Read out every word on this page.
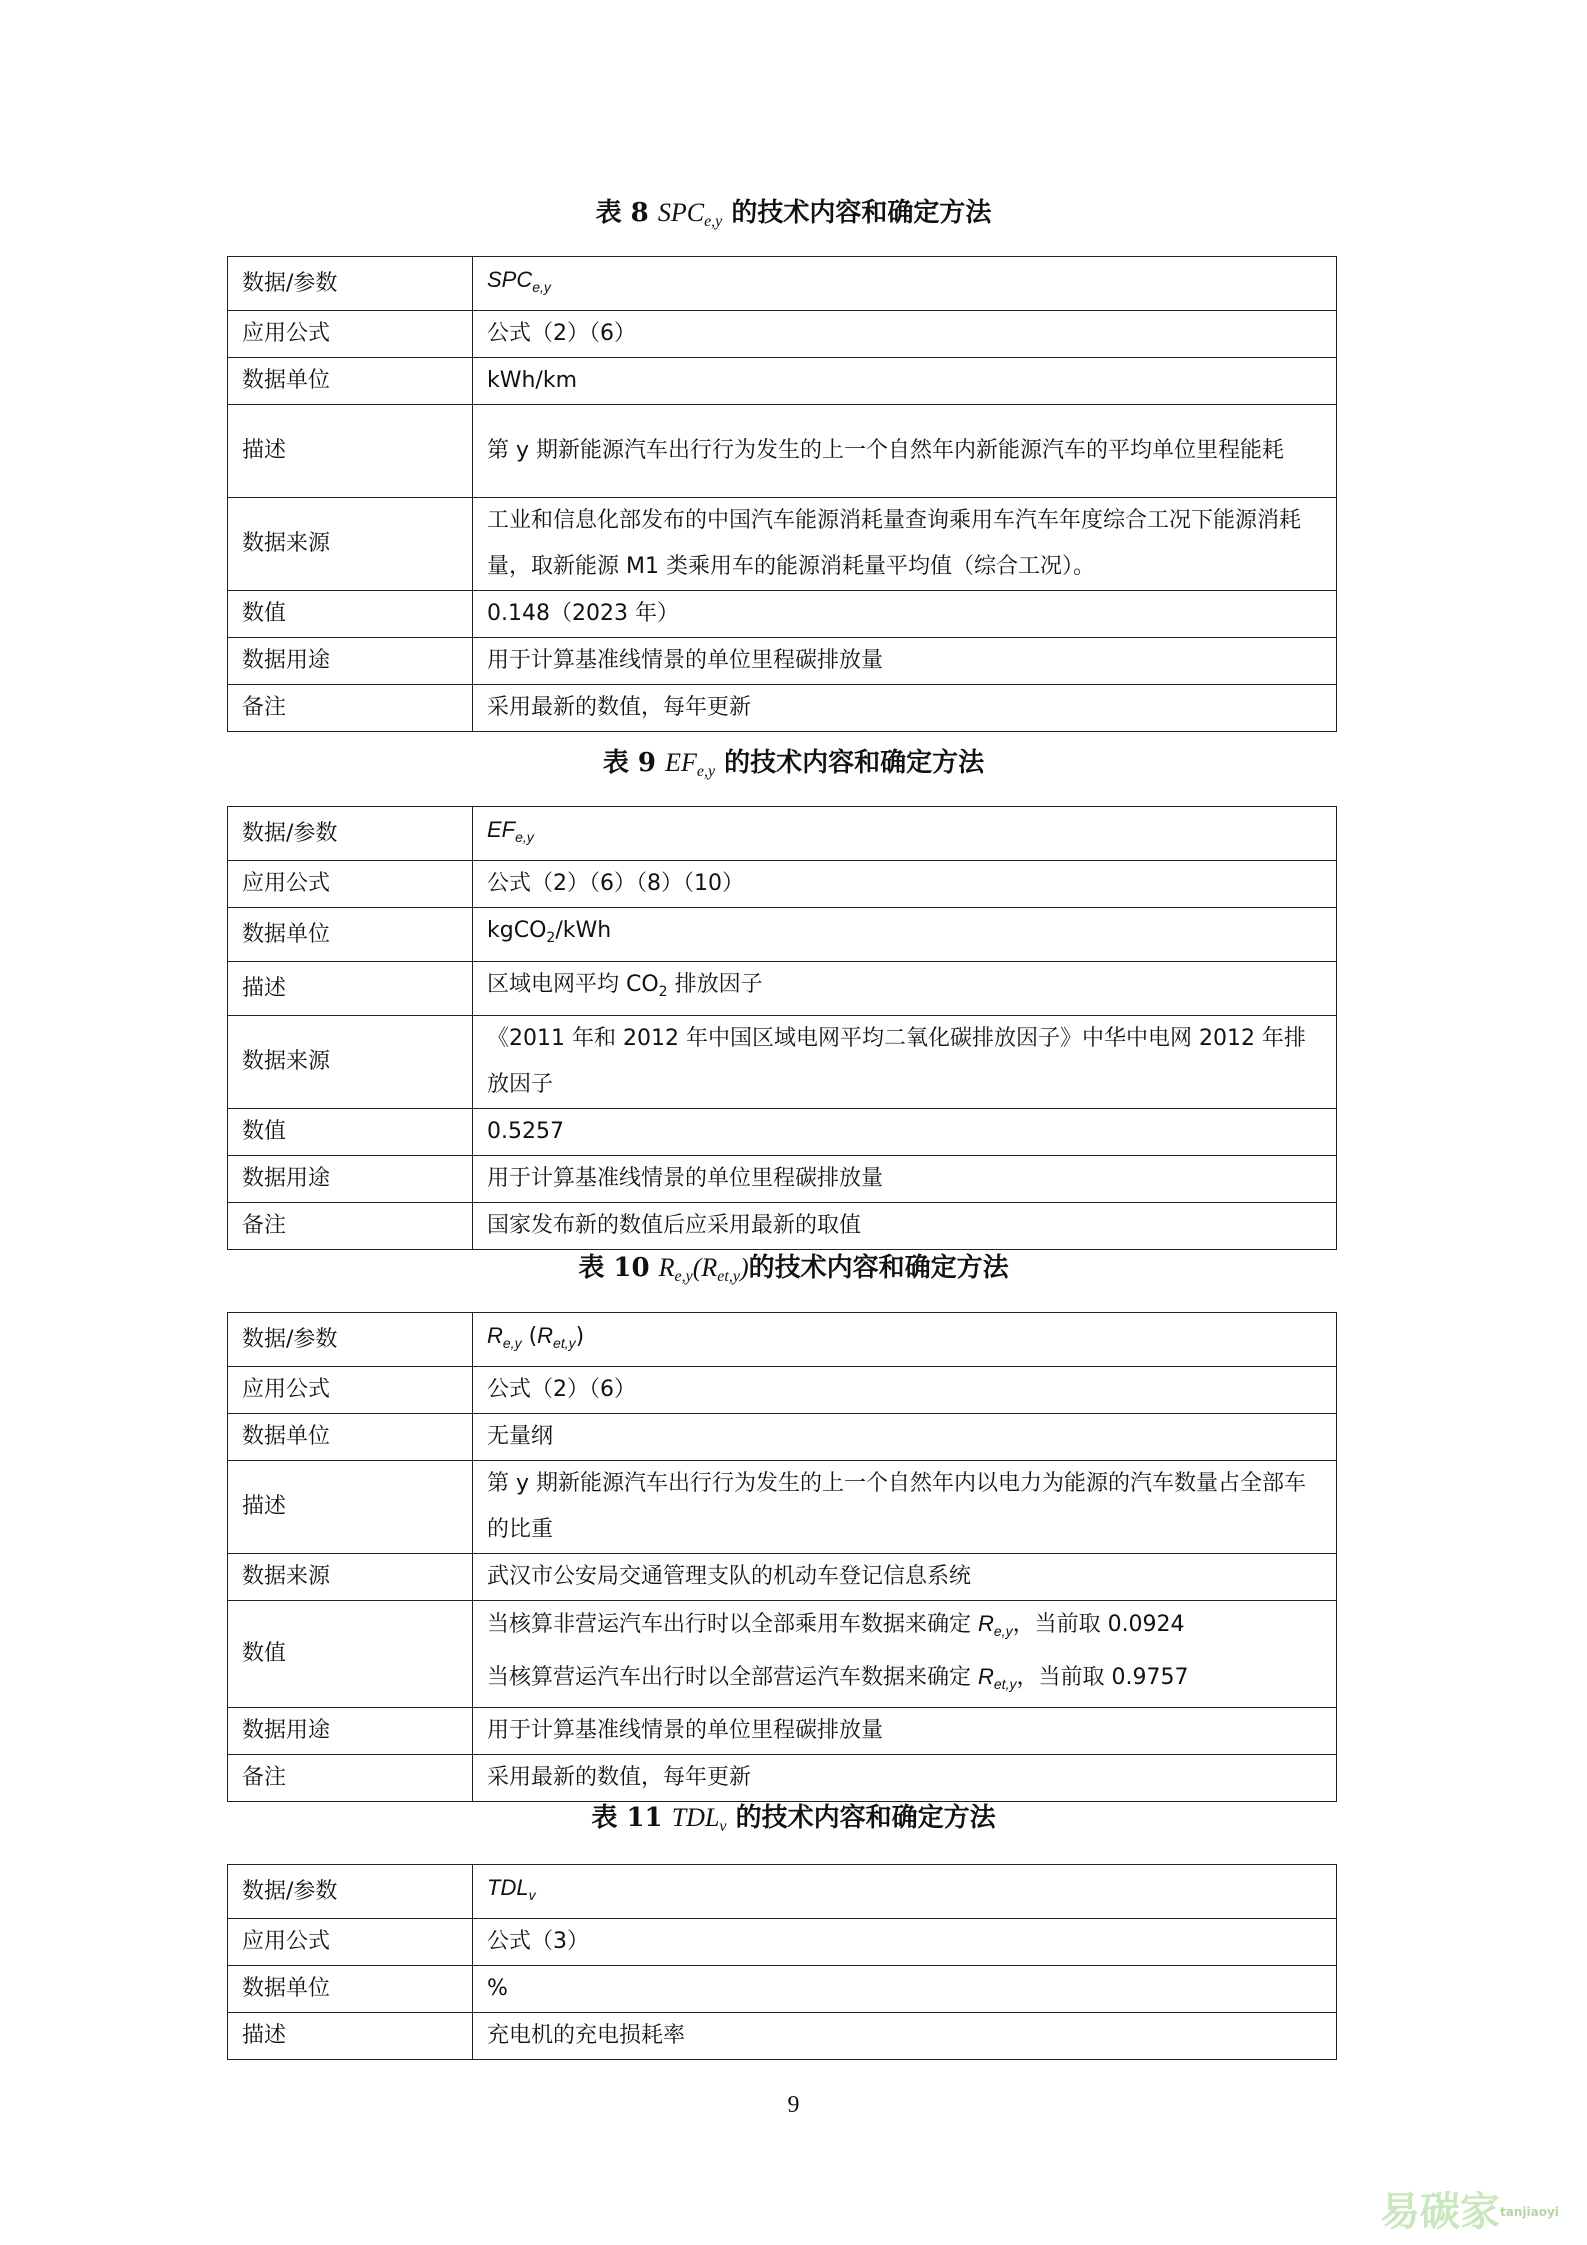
表 8 $SPC_{e,y}$ 的技术内容和确定方法
数据/参数	$SPC_{e,y}$
应用公式	公式（2）（6）
数据单位	kWh/km
描述	第 y 期新能源汽车出行行为发生的上一个自然年内新能源汽车的平均单位里程能耗
数据来源	工业和信息化部发布的中国汽车能源消耗量查询乘用车汽车年度综合工况下能源消耗量，取新能源 M1 类乘用车的能源消耗量平均值（综合工况）。
数值	0.148（2023 年）
数据用途	用于计算基准线情景的单位里程碳排放量
备注	采用最新的数值，每年更新
表 9 $EF_{e,y}$ 的技术内容和确定方法
数据/参数	$EF_{e,y}$
应用公式	公式（2）（6）（8）（10）
数据单位	kgCO$_2$/kWh
描述	区域电网平均 $CO_2$ 排放因子
数据来源	《2011 年和 2012 年中国区域电网平均二氧化碳排放因子》中华中电网 2012 年排放因子
数值	0.5257
数据用途	用于计算基准线情景的单位里程碳排放量
备注	国家发布新的数值后应采用最新的取值
表 10 $R_{e,y}(R_{et,y})$的技术内容和确定方法
数据/参数	$R_{e,y}$ $(R_{et,y})$
应用公式	公式（2）（6）
数据单位	无量纲
描述	第 y 期新能源汽车出行行为发生的上一个自然年内以电力为能源的汽车数量占全部车的比重
数据来源	武汉市公安局交通管理支队的机动车登记信息系统
数值	当核算非营运汽车出行时以全部乘用车数据来确定 $R_{e,y}$，当前取 0.0924
当核算营运汽车出行时以全部营运汽车数据来确定 $R_{et,y}$，当前取 0.9757

数据用途	用于计算基准线情景的单位里程碳排放量
备注	采用最新的数值，每年更新
表 11 $TDL_v$ 的技术内容和确定方法
数据/参数	$TDL_v$
应用公式	公式（3）
数据单位	%
描述	充电机的充电损耗率
9
易碳家$^{tanjiaoyi}$
